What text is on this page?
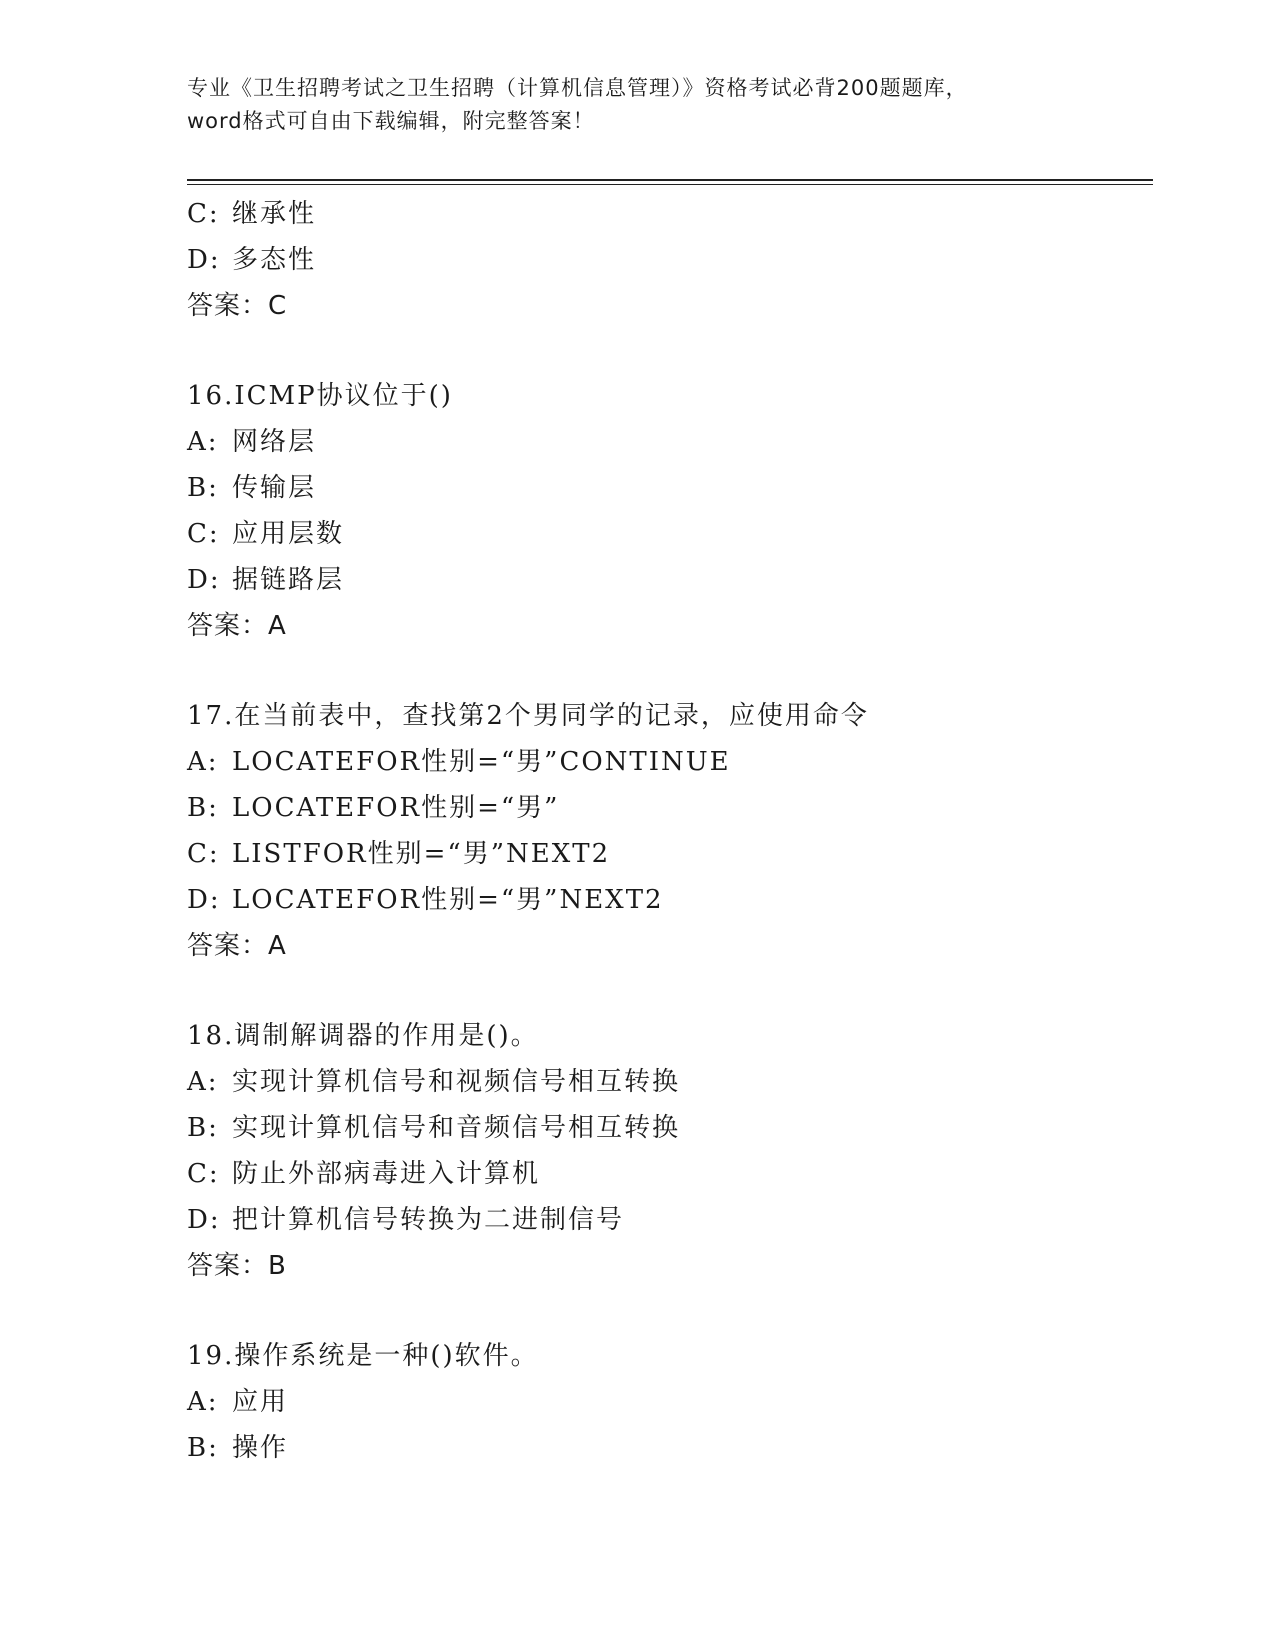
专业《卫生招聘考试之卫生招聘（计算机信息管理）》资格考试必背200题题库，
word格式可自由下载编辑，附完整答案！
C: 继承性
D: 多态性
答案：C
16.ICMP协议位于()
A: 网络层
B: 传输层
C: 应用层数
D: 据链路层
答案：A
17.在当前表中，查找第2个男同学的记录，应使用命令
A: LOCATEFOR性别=“男”CONTINUE
B: LOCATEFOR性别=“男”
C: LISTFOR性别=“男”NEXT2
D: LOCATEFOR性别=“男”NEXT2
答案：A
18.调制解调器的作用是()。
A: 实现计算机信号和视频信号相互转换
B: 实现计算机信号和音频信号相互转换
C: 防止外部病毒进入计算机
D: 把计算机信号转换为二进制信号
答案：B
19.操作系统是一种()软件。
A: 应用
B: 操作
